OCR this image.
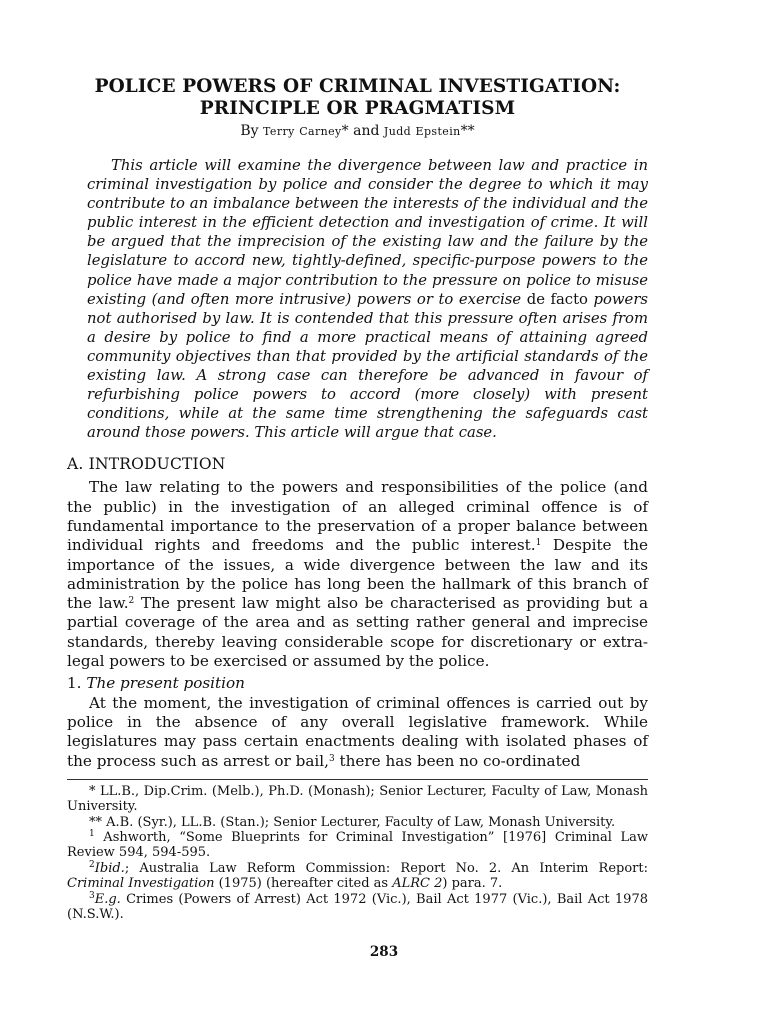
POLICE POWERS OF CRIMINAL INVESTIGATION:
PRINCIPLE OR PRAGMATISM
By Terry Carney* and Judd Epstein**

This article will examine the divergence between law and practice in criminal investigation by police and consider the degree to which it may contribute to an imbalance between the interests of the individual and the public interest in the efficient detection and investigation of crime. It will be argued that the imprecision of the existing law and the failure by the legislature to accord new, tightly-defined, specific-purpose powers to the police have made a major contribution to the pressure on police to misuse existing (and often more intrusive) powers or to exercise de facto powers not authorised by law. It is contended that this pressure often arises from a desire by police to find a more practical means of attaining agreed community objectives than that provided by the artificial standards of the existing law. A strong case can therefore be advanced in favour of refurbishing police powers to accord (more closely) with present conditions, while at the same time strengthening the safeguards cast around those powers. This article will argue that case.

A. INTRODUCTION

The law relating to the powers and responsibilities of the police (and the public) in the investigation of an alleged criminal offence is of fundamental importance to the preservation of a proper balance between individual rights and freedoms and the public interest.$^1$ Despite the importance of the issues, a wide divergence between the law and its administration by the police has long been the hallmark of this branch of the law.$^2$ The present law might also be characterised as providing but a partial coverage of the area and as setting rather general and imprecise standards, thereby leaving considerable scope for discretionary or extra-legal powers to be exercised or assumed by the police.

1. The present position

At the moment, the investigation of criminal offences is carried out by police in the absence of any overall legislative framework. While legislatures may pass certain enactments dealing with isolated phases of the process such as arrest or bail,$^3$ there has been no co-ordinated

* LL.B., Dip.Crim. (Melb.), Ph.D. (Monash); Senior Lecturer, Faculty of Law, Monash University.

** A.B. (Syr.), LL.B. (Stan.); Senior Lecturer, Faculty of Law, Monash University.

$^1$ Ashworth, “Some Blueprints for Criminal Investigation” [1976] Criminal Law Review 594, 594-595.

$^2$Ibid.; Australia Law Reform Commission: Report No. 2. An Interim Report: Criminal Investigation (1975) (hereafter cited as ALRC 2) para. 7.

$^3$E.g. Crimes (Powers of Arrest) Act 1972 (Vic.), Bail Act 1977 (Vic.), Bail Act 1978 (N.S.W.).

283
